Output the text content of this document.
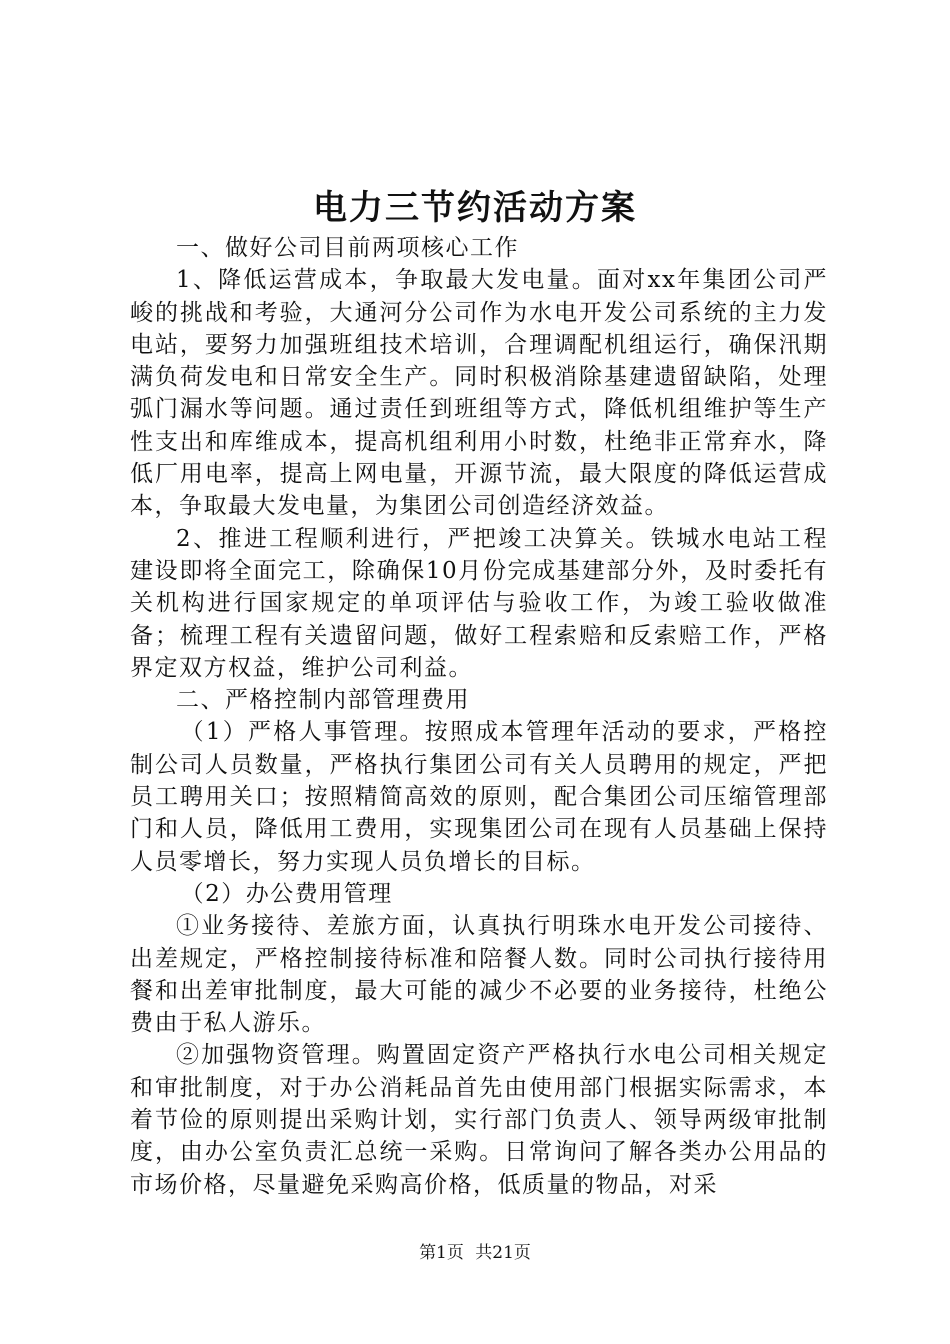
电力三节约活动方案

一、做好公司目前两项核心工作

1、降低运营成本，争取最大发电量。面对xx年集团公司严峻的挑战和考验，大通河分公司作为水电开发公司系统的主力发电站，要努力加强班组技术培训，合理调配机组运行，确保汛期满负荷发电和日常安全生产。同时积极消除基建遗留缺陷，处理弧门漏水等问题。通过责任到班组等方式，降低机组维护等生产性支出和库维成本，提高机组利用小时数，杜绝非正常弃水，降低厂用电率，提高上网电量，开源节流，最大限度的降低运营成本，争取最大发电量，为集团公司创造经济效益。

2、推进工程顺利进行，严把竣工决算关。铁城水电站工程建设即将全面完工，除确保10月份完成基建部分外，及时委托有关机构进行国家规定的单项评估与验收工作，为竣工验收做准备；梳理工程有关遗留问题，做好工程索赔和反索赔工作，严格界定双方权益，维护公司利益。

二、严格控制内部管理费用

（1）严格人事管理。按照成本管理年活动的要求，严格控制公司人员数量，严格执行集团公司有关人员聘用的规定，严把员工聘用关口；按照精简高效的原则，配合集团公司压缩管理部门和人员，降低用工费用，实现集团公司在现有人员基础上保持人员零增长，努力实现人员负增长的目标。

（2）办公费用管理

①业务接待、差旅方面，认真执行明珠水电开发公司接待、出差规定，严格控制接待标准和陪餐人数。同时公司执行接待用餐和出差审批制度，最大可能的减少不必要的业务接待，杜绝公费由于私人游乐。

②加强物资管理。购置固定资产严格执行水电公司相关规定和审批制度，对于办公消耗品首先由使用部门根据实际需求，本着节俭的原则提出采购计划，实行部门负责人、领导两级审批制度，由办公室负责汇总统一采购。日常询问了解各类办公用品的市场价格，尽量避免采购高价格，低质量的物品，对采

第1页 共21页
